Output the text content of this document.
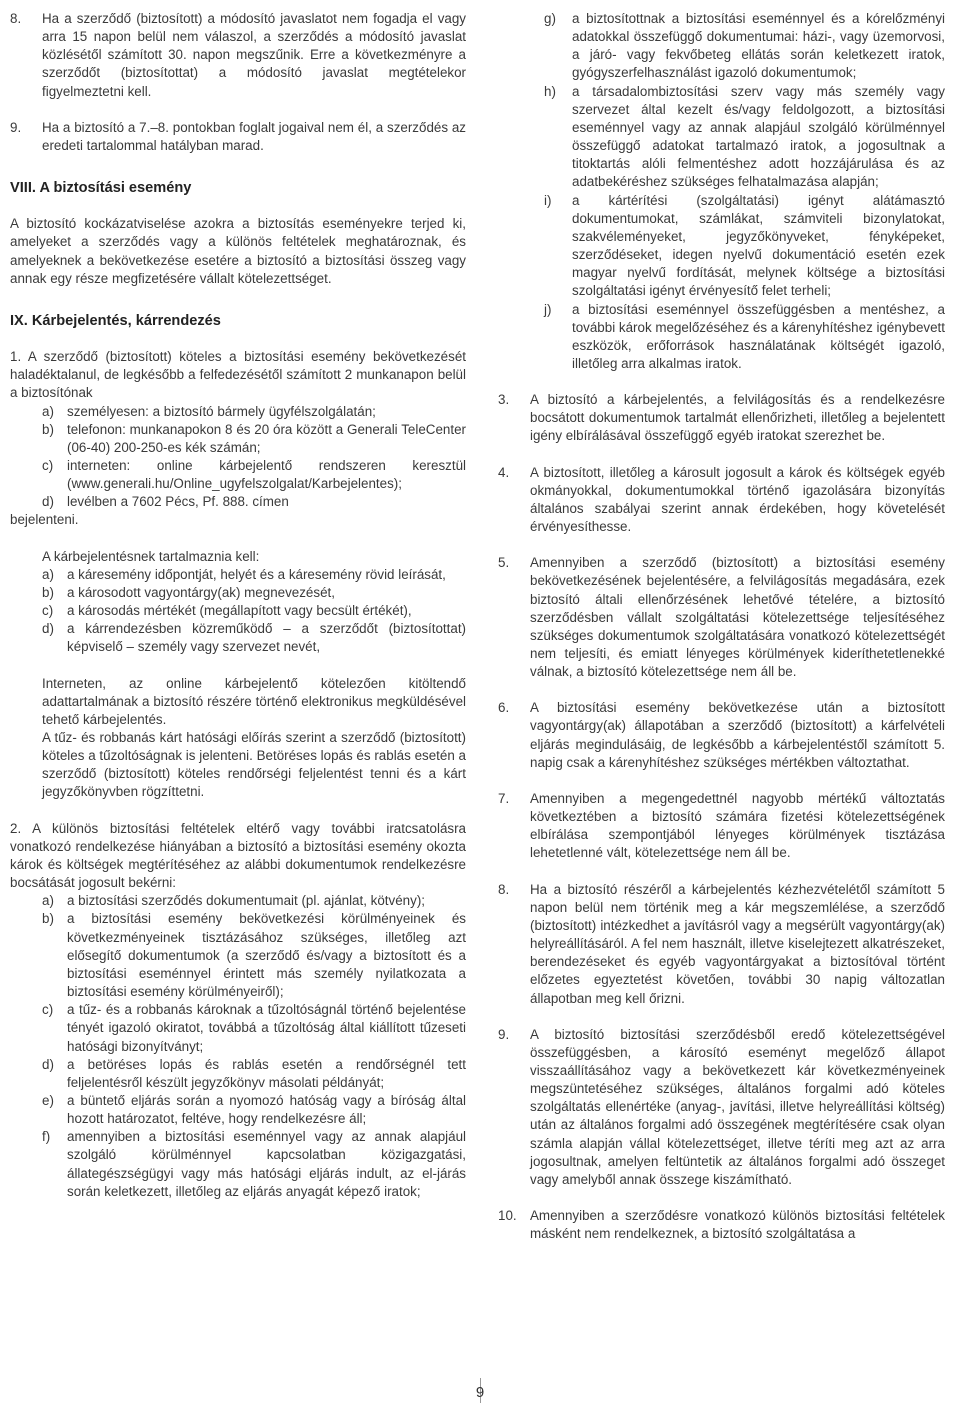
8.	Ha a szerződő (biztosított) a módosító javaslatot nem fogadja el vagy arra 15 napon belül nem válaszol, a szerződés a módosító javaslat közlésétől számított 30. napon megszűnik. Erre a következményre a szerződőt (biztosítottat) a módosító javaslat megtételekor figyelmeztetni kell.
9.	Ha a biztosító a 7.–8. pontokban foglalt jogaival nem él, a szerződés az eredeti tartalommal hatályban marad.

VIII. A biztosítási esemény

A biztosító kockázatviselése azokra a biztosítás eseményekre terjed ki, amelyeket a szerződés vagy a különös feltételek meghatároznak, és amelyeknek a bekövetkezése esetére a biztosító a biztosítási összeg vagy annak egy része megfizetésére vállalt kötelezettséget.

IX. Kárbejelentés, kárrendezés

1. A szerződő (biztosított) köteles a biztosítási esemény bekövetkezését haladéktalanul, de legkésőbb a felfedezésétől számított 2 munkanapon belül a biztosítónak

a) személyesen: a biztosító bármely ügyfélszolgálatán;
b) telefonon: munkanapokon 8 és 20 óra között a Generali TeleCenter (06-40) 200-250-es kék számán;
c)	interneten: online kárbejelentő rendszeren keresztül (www.generali.hu/Online_ugyfelszolgalat/Karbejelentes);
d) levélben a 7602 Pécs, Pf. 888. címen

bejelenteni.

A kárbejelentésnek tartalmaznia kell:

a) a káresemény időpontját, helyét és a káresemény rövid leírását,
b) a károsodott vagyontárgy(ak) megnevezését,
c)	a károsodás mértékét (megállapított vagy becsült értékét),
d) a kárrendezésben közreműködő – a szerződőt (biztosítottat) képviselő – személy vagy szervezet nevét,

Interneten, az online kárbejelentő kötelezően kitöltendő adattartalmának a biztosító részére történő elektronikus megküldésével tehető kárbejelentés.

A tűz- és robbanás kárt hatósági előírás szerint a szerződő (biztosított) köteles a tűzoltóságnak is jelenteni. Betöréses lopás és rablás esetén a szerződő (biztosított) köteles rendőrségi feljelentést tenni és a kárt jegyzőkönyvben rögzíttetni.

2. A különös biztosítási feltételek eltérő vagy további iratcsatolásra vonatkozó rendelkezése hiányában a biztosító a biztosítási esemény okozta károk és költségek megtérítéséhez az alábbi dokumentumok rendelkezésre bocsátását jogosult bekérni:

a) a biztosítási szerződés dokumentumait (pl. ajánlat, kötvény);
b) a biztosítási esemény bekövetkezési körülményeinek és következményeinek tisztázásához szükséges, illetőleg azt elősegítő dokumentumok (a szerződő és/vagy a biztosított és a biztosítási eseménnyel érintett más személy nyilatkozata a biztosítási esemény körülményeiről);
c)	a tűz- és a robbanás károknak a tűzoltóságnál történő bejelentése tényét igazoló okiratot, továbbá a tűzoltóság által kiállított tűzeseti hatósági bizonyítványt;
d) a betöréses lopás és rablás esetén a rendőrségnél tett feljelentésről készült jegyzőkönyv másolati példányát;
e) a büntető eljárás során a nyomozó hatóság vagy a bíróság által hozott határozatot, feltéve, hogy rendelkezésre áll;
f)	amennyiben a biztosítási eseménnyel vagy az annak alapjául szolgáló körülménnyel kapcsolatban közigazgatási, állategészségügyi vagy más hatósági eljárás indult, az el-járás során keletkezett, illetőleg az eljárás anyagát képező iratok;
g)	a biztosítottnak a biztosítási eseménnyel és a kórelőzményi adatokkal összefüggő dokumentumai: házi-, vagy üzemorvosi, a járó- vagy fekvőbeteg ellátás során keletkezett iratok, gyógyszerfelhasználást igazoló dokumentumok;
h)	a társadalombiztosítási szerv vagy más személy vagy szervezet által kezelt és/vagy feldolgozott, a biztosítási eseménnyel vagy az annak alapjául szolgáló körülménnyel összefüggő adatokat tartalmazó iratok, a jogosultnak a titoktartás alóli felmentéshez adott hozzájárulása és az adatbekéréshez szükséges felhatalmazása alapján;
i)	a kártérítési (szolgáltatási) igényt alátámasztó dokumentumokat, számlákat, számviteli bizonylatokat, szakvéleményeket, jegyzőkönyveket, fényképeket, szerződéseket, idegen nyelvű dokumentáció esetén ezek magyar nyelvű fordítását, melynek költsége a biztosítási szolgáltatási igényt érvényesítő felet terheli;
j)	a biztosítási eseménnyel összefüggésben a mentéshez, a további károk megelőzéséhez és a kárenyhítéshez igénybevett eszközök, erőforrások használatának költségét igazoló, illetőleg arra alkalmas iratok.
3.	A biztosító a kárbejelentés, a felvilágosítás és a rendelkezésre bocsátott dokumentumok tartalmát ellenőrizheti, illetőleg a bejelentett igény elbírálásával összefüggő egyéb iratokat szerezhet be.
4.	A biztosított, illetőleg a károsult jogosult a károk és költségek egyéb okmányokkal, dokumentumokkal történő igazolására bizonyítás általános szabályai szerint annak érdekében, hogy követelését érvényesíthesse.
5.	Amennyiben a szerződő (biztosított) a biztosítási esemény bekövetkezésének bejelentésére, a felvilágosítás megadására, ezek biztosító általi ellenőrzésének lehetővé tételére, a biztosító szerződésben vállalt szolgáltatási kötelezettsége teljesítéséhez szükséges dokumentumok szolgáltatására vonatkozó kötelezettségét nem teljesíti, és emiatt lényeges körülmények kideríthetetlenekké válnak, a biztosító kötelezettsége nem áll be.
6.	A biztosítási esemény bekövetkezése után a biztosított vagyontárgy(ak) állapotában a szerződő (biztosított) a kárfelvételi eljárás megindulásáig, de legkésőbb a kárbejelentéstől számított 5. napig csak a kárenyhítéshez szükséges mértékben változtathat.
7.	Amennyiben a megengedettnél nagyobb mértékű változtatás következtében a biztosító számára fizetési kötelezettségének elbírálása szempontjából lényeges körülmények tisztázása lehetetlenné vált, kötelezettsége nem áll be.
8.	Ha a biztosító részéről a kárbejelentés kézhezvételétől számított 5 napon belül nem történik meg a kár megszemlélése, a szerződő (biztosított) intézkedhet a javításról vagy a megsérült vagyontárgy(ak) helyreállításáról. A fel nem használt, illetve kiselejtezett alkatrészeket, berendezéseket és egyéb vagyontárgyakat a biztosítóval történt előzetes egyeztetést követően, további 30 napig változatlan állapotban meg kell őrizni.
9.	A biztosító biztosítási szerződésből eredő kötelezettségével összefüggésben, a károsító eseményt megelőző állapot visszaállításához vagy a bekövetkezett kár következményeinek megszüntetéséhez szükséges, általános forgalmi adó köteles szolgáltatás ellenértéke (anyag-, javítási, illetve helyreállítási költség) után az általános forgalmi adó összegének megtérítésére csak olyan számla alapján vállal kötelezettséget, illetve téríti meg azt az arra jogosultnak, amelyen feltüntetik az általános forgalmi adó összeget vagy amelyből annak összege kiszámítható.
10. Amennyiben a szerződésre vonatkozó különös biztosítási feltételek másként nem rendelkeznek, a biztosító szolgáltatása a
9
